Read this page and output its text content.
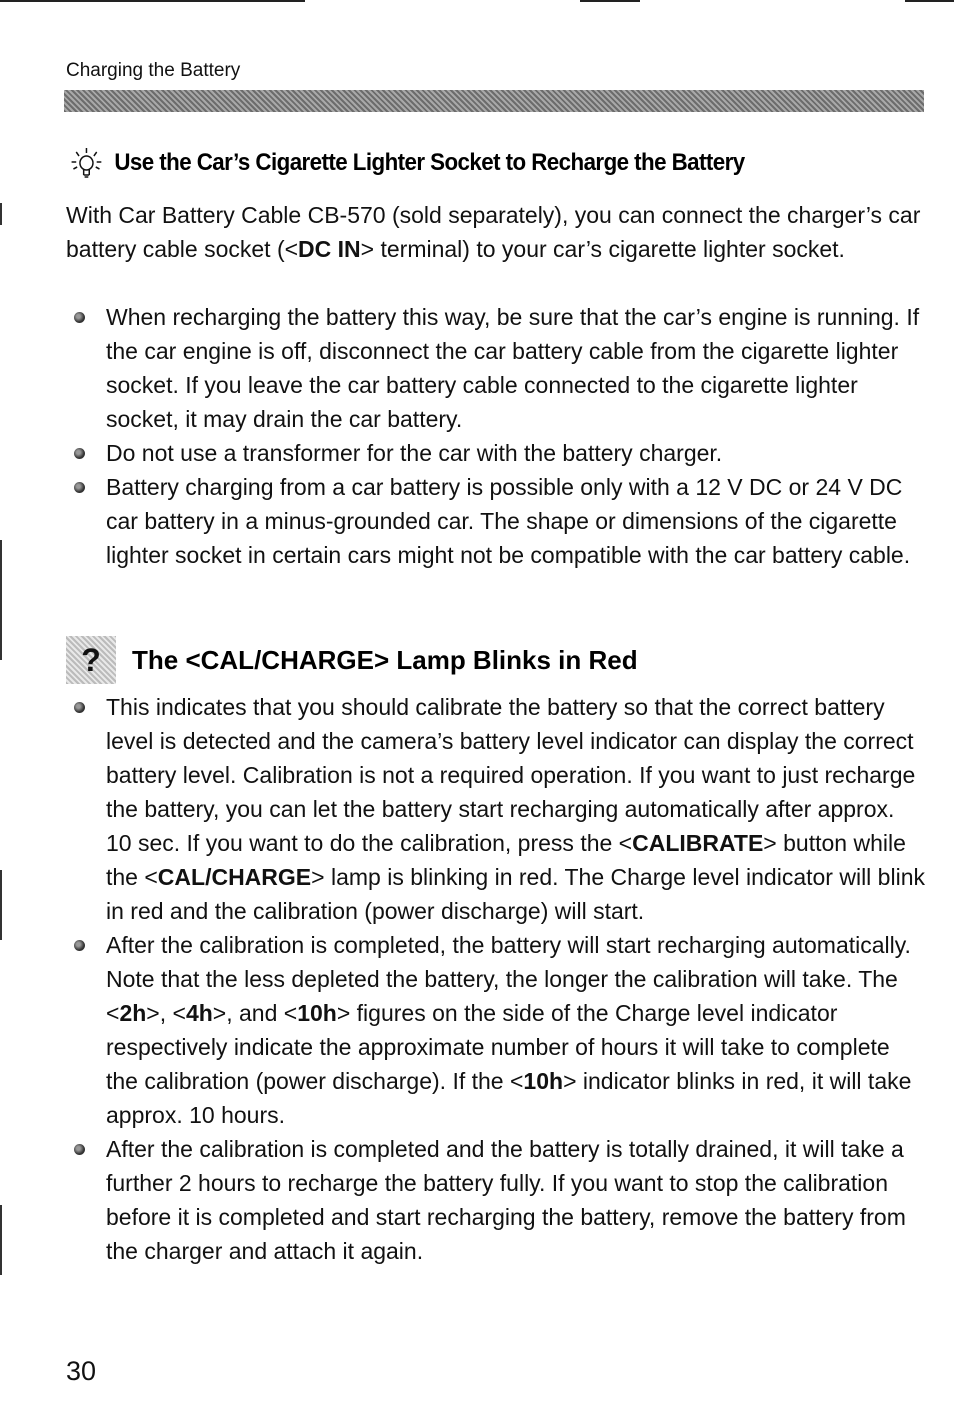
Charging the Battery
Use the Car’s Cigarette Lighter Socket to Recharge the Battery

With Car Battery Cable CB-570 (sold separately), you can connect the charger’s car battery cable socket (<DC IN> terminal) to your car’s cigarette lighter socket.

When recharging the battery this way, be sure that the car’s engine is running. If the car engine is off, disconnect the car battery cable from the cigarette lighter socket. If you leave the car battery cable connected to the cigarette lighter socket, it may drain the car battery.
Do not use a transformer for the car with the battery charger.
Battery charging from a car battery is possible only with a 12 V DC or 24 V DC car battery in a minus-grounded car. The shape or dimensions of the cigarette lighter socket in certain cars might not be compatible with the car battery cable.
?	The <CAL/CHARGE> Lamp Blinks in Red
This indicates that you should calibrate the battery so that the correct battery level is detected and the camera’s battery level indicator can display the correct battery level. Calibration is not a required operation. If you want to just recharge the battery, you can let the battery start recharging automatically after approx. 10 sec. If you want to do the calibration, press the <CALIBRATE> button while the <CAL/CHARGE> lamp is blinking in red. The Charge level indicator will blink in red and the calibration (power discharge) will start.
After the calibration is completed, the battery will start recharging automatically. Note that the less depleted the battery, the longer the calibration will take. The <2h>, <4h>, and <10h> figures on the side of the Charge level indicator respectively indicate the approximate number of hours it will take to complete the calibration (power discharge). If the <10h> indicator blinks in red, it will take approx. 10 hours.
After the calibration is completed and the battery is totally drained, it will take a further 2 hours to recharge the battery fully. If you want to stop the calibration before it is completed and start recharging the battery, remove the battery from the charger and attach it again.
30
